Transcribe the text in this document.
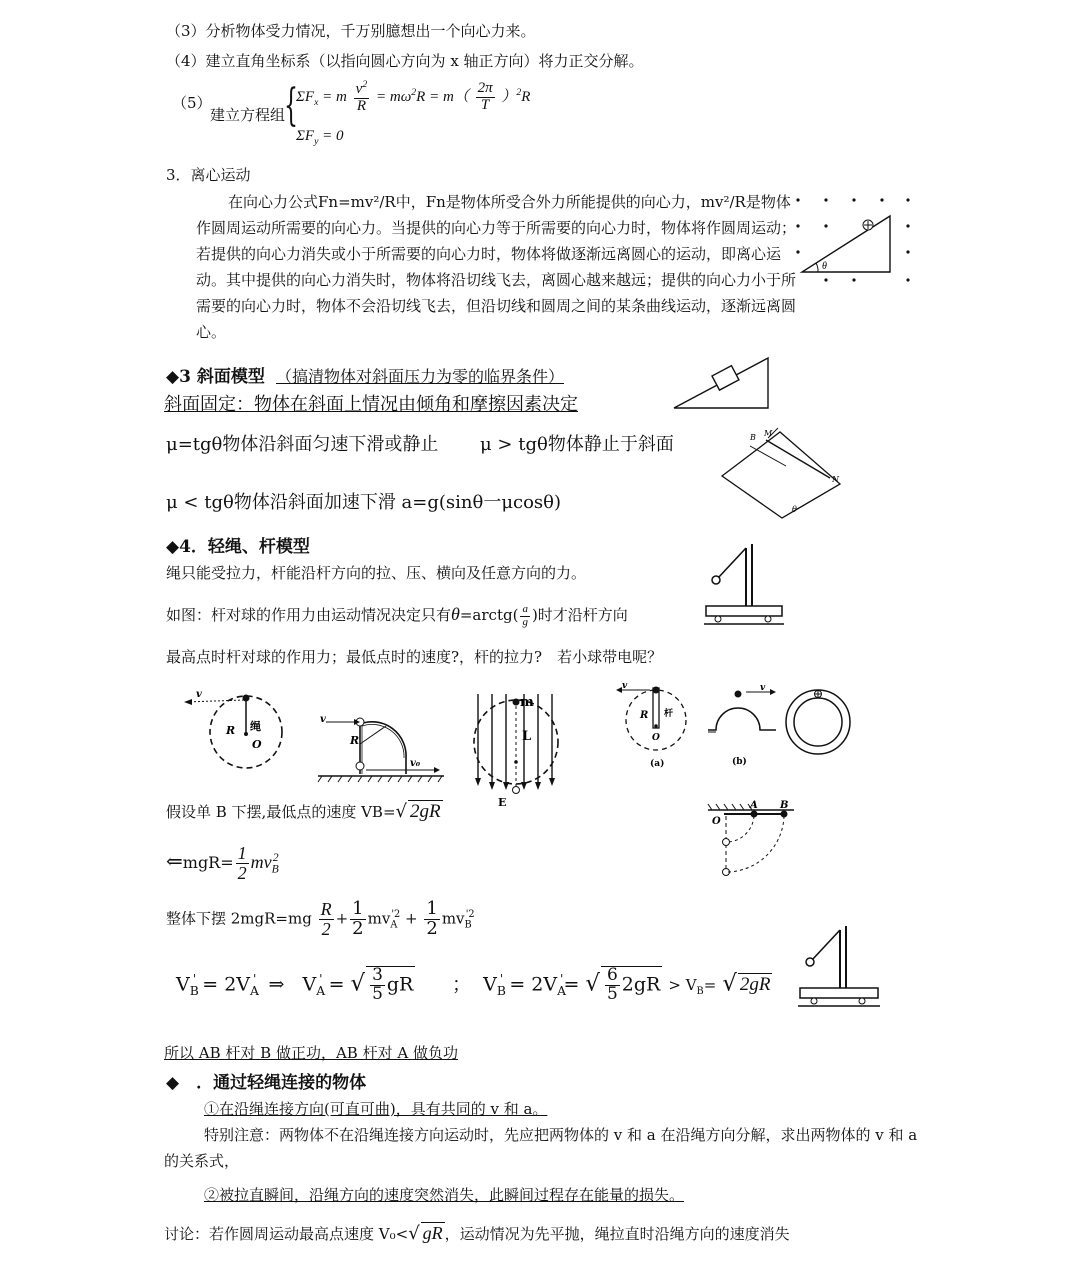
（3）分析物体受力情况，千万别臆想出一个向心力来。
（4）建立直角坐标系（以指向圆心方向为 x 轴正方向）将力正交分解。
（5）
建立方程组
{
$\Sigma F_x = m \frac{v^2}{R} = m\omega^2R = m( \frac{2\pi}{T} )^2R$
$\Sigma F_y = 0$
3．离心运动
在向心力公式Fn=mv²/R中，Fn是物体所受合外力所能提供的向心力，mv²/R是物体作圆周运动所需要的向心力。当提供的向心力等于所需要的向心力时，物体将作圆周运动；若提供的向心力消失或小于所需要的向心力时，物体将做逐渐远离圆心的运动，即离心运动。其中提供的向心力消失时，物体将沿切线飞去，离圆心越来越远；提供的向心力小于所需要的向心力时，物体不会沿切线飞去，但沿切线和圆周之间的某条曲线运动，逐渐远离圆心。
θ
◆3 斜面模型 （搞清物体对斜面压力为零的临界条件）
斜面固定：物体在斜面上情况由倾角和摩擦因素决定
μ=tgθ物体沿斜面匀速下滑或静止 μ > tgθ物体静止于斜面
μ < tgθ物体沿斜面加速下滑 a=g(sinθ一μcosθ)
B M
N
θ
◆4．轻绳、杆模型
绳只能受拉力，杆能沿杆方向的拉、压、横向及任意方向的力。
如图：杆对球的作用力由运动情况决定只有θ=arctg( $\frac{a}{g}$ )时才沿杆方向
最高点时杆对球的作用力；最低点时的速度?，杆的拉力?　若小球带电呢？
v
R 绳
O
v
R
v₀
m
L
E
v
R 杆
O
(a)
v
(b)
假设单 B 下摆,最低点的速度 VB=√ 2gR
⇐mgR= $\frac{1}{2} mv_B^2$
整体下摆 $2mgR=mg \frac{R}{2} + \frac{1}{2} mv_A^{'2} + \frac{1}{2} mv_B^{'2}$
$V_B' = 2V_A'$  ⇒   $V_A'$ = √ $\frac{3}{5}$ gR ；  $V_B' = 2V_A'=$ √ $\frac{6}{5} 2gR > V_B=$ √ 2gR
O
A B
所以 AB 杆对 B 做正功，AB 杆对 A 做负功
◆　．通过轻绳连接的物体
①在沿绳连接方向(可直可曲)，具有共同的 v 和 a。
特别注意：两物体不在沿绳连接方向运动时，先应把两物体的 v 和 a 在沿绳方向分解，求出两物体的 v 和 a 的关系式，
②被拉直瞬间，沿绳方向的速度突然消失，此瞬间过程存在能量的损失。
讨论：若作圆周运动最高点速度 V₀<√ gR ，运动情况为先平抛，绳拉直时沿绳方向的速度消失
